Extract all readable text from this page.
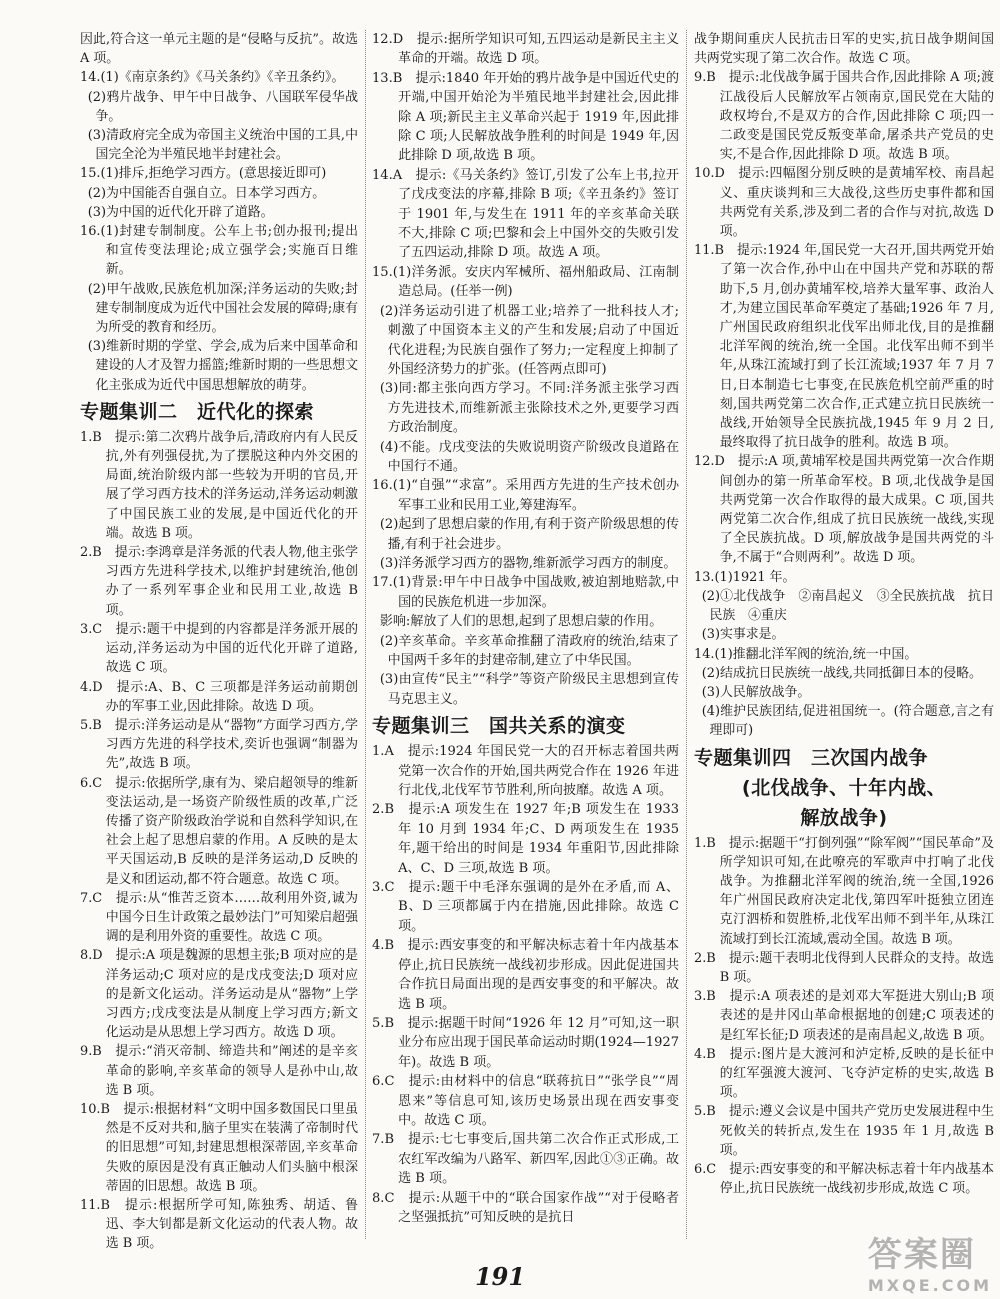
因此,符合这一单元主题的是“侵略与反抗”。故选 A 项。

14.(1)《南京条约》《马关条约》《辛丑条约》。

(2)鸦片战争、甲午中日战争、八国联军侵华战争。

(3)清政府完全成为帝国主义统治中国的工具,中国完全沦为半殖民地半封建社会。

15.(1)排斥,拒绝学习西方。(意思接近即可)

(2)为中国能否自强自立。日本学习西方。

(3)为中国的近代化开辟了道路。

16.(1)封建专制制度。公车上书;创办报刊;提出和宣传变法理论;成立强学会;实施百日维新。

(2)甲午战败,民族危机加深;洋务运动的失败;封建专制制度成为近代中国社会发展的障碍;康有为所受的教育和经历。

(3)维新时期的学堂、学会,成为后来中国革命和建设的人才及智力摇篮;维新时期的一些思想文化主张成为近代中国思想解放的萌芽。

专题集训二　近代化的探索

1.B　提示:第二次鸦片战争后,清政府内有人民反抗,外有列强侵扰,为了摆脱这种内外交困的局面,统治阶级内部一些较为开明的官员,开展了学习西方技术的洋务运动,洋务运动刺激了中国民族工业的发展,是中国近代化的开端。故选 B 项。

2.B　提示:李鸿章是洋务派的代表人物,他主张学习西方先进科学技术,以维护封建统治,他创办了一系列军事企业和民用工业,故选 B 项。

3.C　提示:题干中提到的内容都是洋务派开展的运动,洋务运动为中国的近代化开辟了道路,故选 C 项。

4.D　提示:A、B、C 三项都是洋务运动前期创办的军事工业,因此排除。故选 D 项。

5.B　提示:洋务运动是从“器物”方面学习西方,学习西方先进的科学技术,奕䜣也强调“制器为先”,故选 B 项。

6.C　提示:依据所学,康有为、梁启超领导的维新变法运动,是一场资产阶级性质的改革,广泛传播了资产阶级政治学说和自然科学知识,在社会上起了思想启蒙的作用。A 反映的是太平天国运动,B 反映的是洋务运动,D 反映的是义和团运动,都不符合题意。故选 C 项。

7.C　提示:从“惟苦乏资本……故利用外资,诚为中国今日生计政策之最妙法门”可知梁启超强调的是利用外资的重要性。故选 C 项。

8.D　提示:A 项是魏源的思想主张;B 项对应的是洋务运动;C 项对应的是戊戌变法;D 项对应的是新文化运动。洋务运动是从“器物”上学习西方;戊戌变法是从制度上学习西方;新文化运动是从思想上学习西方。故选 D 项。

9.B　提示:“消灭帝制、缔造共和”阐述的是辛亥革命的影响,辛亥革命的领导人是孙中山,故选 B 项。

10.B　提示:根据材料“文明中国多数国民口里虽然是不反对共和,脑子里实在装满了帝制时代的旧思想”可知,封建思想根深蒂固,辛亥革命失败的原因是没有真正触动人们头脑中根深蒂固的旧思想。故选 B 项。

11.B　提示:根据所学可知,陈独秀、胡适、鲁迅、李大钊都是新文化运动的代表人物。故选 B 项。

12.D　提示:据所学知识可知,五四运动是新民主主义革命的开端。故选 D 项。

13.B　提示:1840 年开始的鸦片战争是中国近代史的开端,中国开始沦为半殖民地半封建社会,因此排除 A 项;新民主主义革命兴起于 1919 年,因此排除 C 项;人民解放战争胜利的时间是 1949 年,因此排除 D 项,故选 B 项。

14.A　提示:《马关条约》签订,引发了公车上书,拉开了戊戌变法的序幕,排除 B 项;《辛丑条约》签订于 1901 年,与发生在 1911 年的辛亥革命关联不大,排除 C 项;巴黎和会上中国外交的失败引发了五四运动,排除 D 项。故选 A 项。

15.(1)洋务派。安庆内军械所、福州船政局、江南制造总局。(任举一例)

(2)洋务运动引进了机器工业;培养了一批科技人才;刺激了中国资本主义的产生和发展;启动了中国近代化进程;为民族自强作了努力;一定程度上抑制了外国经济势力的扩张。(任答两点即可)

(3)同:都主张向西方学习。不同:洋务派主张学习西方先进技术,而维新派主张除技术之外,更要学习西方政治制度。

(4)不能。戊戌变法的失败说明资产阶级改良道路在中国行不通。

16.(1)“自强”“求富”。采用西方先进的生产技术创办军事工业和民用工业,筹建海军。

(2)起到了思想启蒙的作用,有利于资产阶级思想的传播,有利于社会进步。

(3)洋务派学习西方的器物,维新派学习西方的制度。

17.(1)背景:甲午中日战争中国战败,被迫割地赔款,中国的民族危机进一步加深。

影响:解放了人们的思想,起到了思想启蒙的作用。

(2)辛亥革命。辛亥革命推翻了清政府的统治,结束了中国两千多年的封建帝制,建立了中华民国。

(3)由宣传“民主”“科学”等资产阶级民主思想到宣传马克思主义。

专题集训三　国共关系的演变

1.A　提示:1924 年国民党一大的召开标志着国共两党第一次合作的开始,国共两党合作在 1926 年进行北伐,北伐军节节胜利,所向披靡。故选 A 项。

2.B　提示:A 项发生在 1927 年;B 项发生在 1933 年 10 月到 1934 年;C、D 两项发生在 1935 年,题干给出的时间是 1934 年重阳节,因此排除 A、C、D 三项,故选 B 项。

3.C　提示:题干中毛泽东强调的是外在矛盾,而 A、B、D 三项都属于内在措施,因此排除。故选 C 项。

4.B　提示:西安事变的和平解决标志着十年内战基本停止,抗日民族统一战线初步形成。因此促进国共合作抗日局面出现的是西安事变的和平解决。故选 B 项。

5.B　提示:据题干时间“1926 年 12 月”可知,这一职业分布应出现于国民革命运动时期(1924—1927 年)。故选 B 项。

6.C　提示:由材料中的信息“联蒋抗日”“张学良”“周恩来”等信息可知,该历史场景出现在西安事变中。故选 C 项。

7.B　提示:七七事变后,国共第二次合作正式形成,工农红军改编为八路军、新四军,因此①③正确。故选 B 项。

8.C　提示:从题干中的“联合国家作战”“对于侵略者之坚强抵抗”可知反映的是抗日

战争期间重庆人民抗击日军的史实,抗日战争期间国共两党实现了第二次合作。故选 C 项。

9.B　提示:北伐战争属于国共合作,因此排除 A 项;渡江战役后人民解放军占领南京,国民党在大陆的政权垮台,不是双方的合作,因此排除 C 项;四一二政变是国民党反叛变革命,屠杀共产党员的史实,不是合作,因此排除 D 项。故选 B 项。

10.D　提示:四幅图分别反映的是黄埔军校、南昌起义、重庆谈判和三大战役,这些历史事件都和国共两党有关系,涉及到二者的合作与对抗,故选 D 项。

11.B　提示:1924 年,国民党一大召开,国共两党开始了第一次合作,孙中山在中国共产党和苏联的帮助下,5 月,创办黄埔军校,培养大量军事、政治人才,为建立国民革命军奠定了基础;1926 年 7 月,广州国民政府组织北伐军出师北伐,目的是推翻北洋军阀的统治,统一全国。北伐军出师不到半年,从珠江流域打到了长江流域;1937 年 7 月 7 日,日本制造七七事变,在民族危机空前严重的时刻,国共两党第二次合作,正式建立抗日民族统一战线,开始领导全民族抗战,1945 年 9 月 2 日,最终取得了抗日战争的胜利。故选 B 项。

12.D　提示:A 项,黄埔军校是国共两党第一次合作期间创办的第一所革命军校。B 项,北伐战争是国共两党第一次合作取得的最大成果。C 项,国共两党第二次合作,组成了抗日民族统一战线,实现了全民族抗战。D 项,解放战争是国共两党的斗争,不属于“合则两利”。故选 D 项。

13.(1)1921 年。

(2)①北伐战争　②南昌起义　③全民族抗战　抗日民族　④重庆

(3)实事求是。

14.(1)推翻北洋军阀的统治,统一中国。

(2)结成抗日民族统一战线,共同抵御日本的侵略。

(3)人民解放战争。

(4)维护民族团结,促进祖国统一。(符合题意,言之有理即可)

专题集训四　三次国内战争

(北伐战争、十年内战、

解放战争)

1.B　提示:据题干“打倒列强”“除军阀”“国民革命”及所学知识可知,在此嘹亮的军歌声中打响了北伐战争。为推翻北洋军阀的统治,统一全国,1926 年广州国民政府决定北伐,第四军叶挺独立团连克汀泗桥和贺胜桥,北伐军出师不到半年,从珠江流域打到长江流域,震动全国。故选 B 项。

2.B　提示:题干表明北伐得到人民群众的支持。故选 B 项。

3.B　提示:A 项表述的是刘邓大军挺进大别山;B 项表述的是井冈山革命根据地的创建;C 项表述的是红军长征;D 项表述的是南昌起义,故选 B 项。

4.B　提示:图片是大渡河和泸定桥,反映的是长征中的红军强渡大渡河、飞夺泸定桥的史实,故选 B 项。

5.B　提示:遵义会议是中国共产党历史发展进程中生死攸关的转折点,发生在 1935 年 1 月,故选 B 项。

6.C　提示:西安事变的和平解决标志着十年内战基本停止,抗日民族统一战线初步形成,故选 C 项。

191
答案圈
MXQE.COM
